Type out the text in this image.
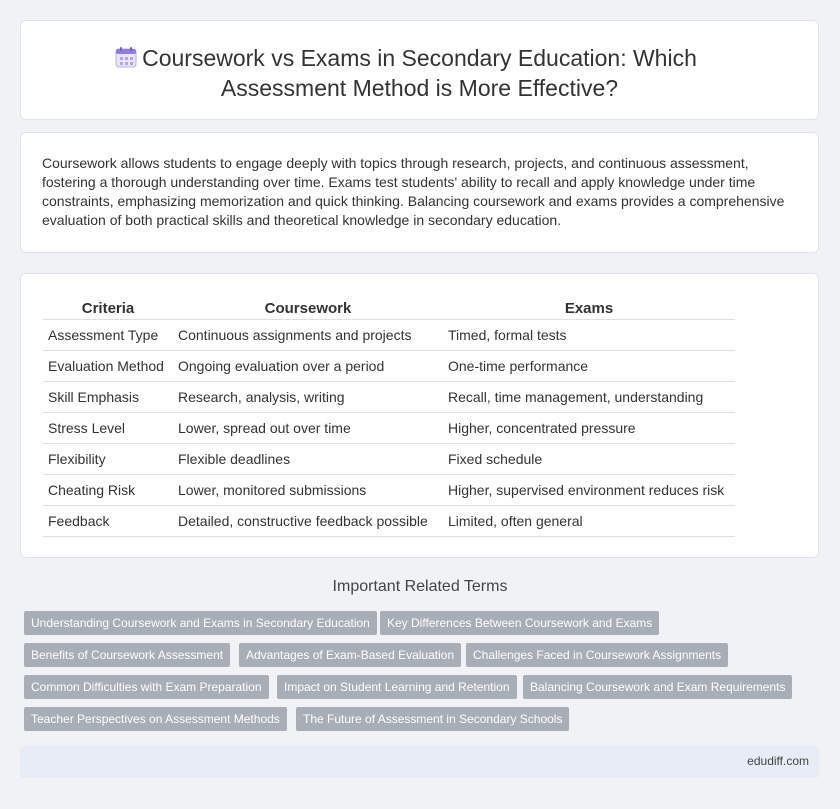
Coursework vs Exams in Secondary Education: Which
Assessment Method is More Effective?

Coursework allows students to engage deeply with topics through research, projects, and continuous assessment, fostering a thorough understanding over time. Exams test students' ability to recall and apply knowledge under time constraints, emphasizing memorization and quick thinking. Balancing coursework and exams provides a comprehensive evaluation of both practical skills and theoretical knowledge in secondary education.

Criteria	Coursework	Exams
Assessment Type	Continuous assignments and projects	Timed, formal tests
Evaluation Method	Ongoing evaluation over a period	One-time performance
Skill Emphasis	Research, analysis, writing	Recall, time management, understanding
Stress Level	Lower, spread out over time	Higher, concentrated pressure
Flexibility	Flexible deadlines	Fixed schedule
Cheating Risk	Lower, monitored submissions	Higher, supervised environment reduces risk
Feedback	Detailed, constructive feedback possible	Limited, often general
Important Related Terms
Understanding Coursework and Exams in Secondary Education	Key Differences Between Coursework and Exams
Benefits of Coursework Assessment	Advantages of Exam-Based Evaluation	Challenges Faced in Coursework Assignments
Common Difficulties with Exam Preparation	Impact on Student Learning and Retention	Balancing Coursework and Exam Requirements
Teacher Perspectives on Assessment Methods	The Future of Assessment in Secondary Schools
edudiff.com
